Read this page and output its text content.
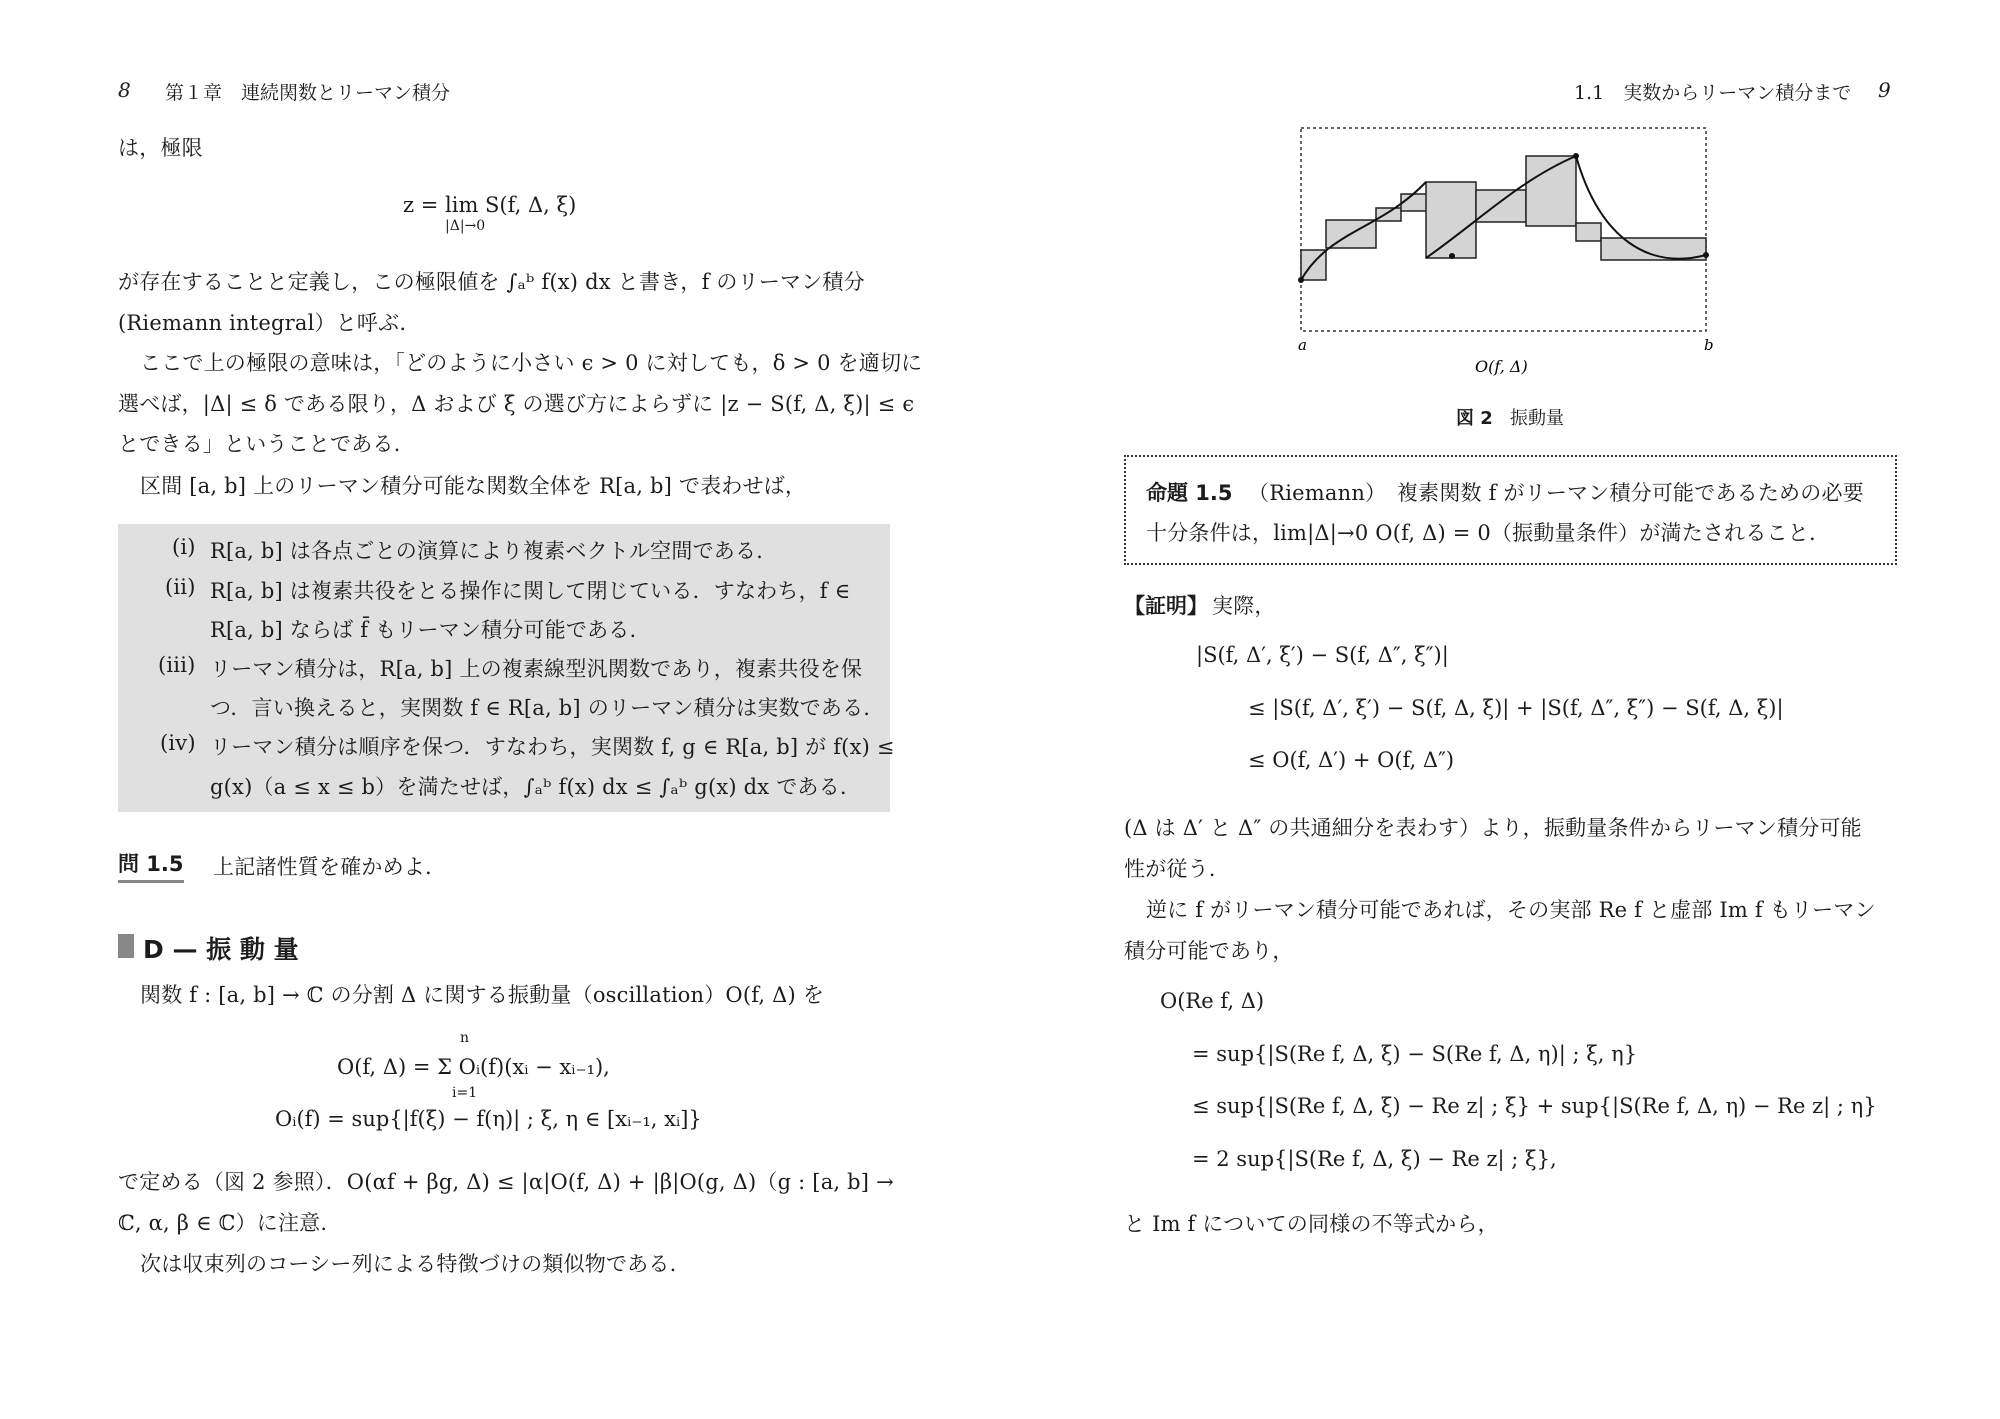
8 第１章　連続関数とリーマン積分
は，極限
z = lim S(f, Δ, ξ)
|Δ|→0
が存在することと定義し，この極限値を ∫ₐᵇ f(x) dx と書き，f のリーマン積分
(Riemann integral）と呼ぶ.
ここで上の極限の意味は，「どのように小さい ϵ > 0 に対しても，δ > 0 を適切に
選べば，|Δ| ≤ δ である限り，Δ および ξ の選び方によらずに |z − S(f, Δ, ξ)| ≤ ϵ
とできる」ということである.
区間 [a, b] 上のリーマン積分可能な関数全体を R[a, b] で表わせば，
(i) R[a, b] は各点ごとの演算により複素ベクトル空間である.
(ii) R[a, b] は複素共役をとる操作に関して閉じている．すなわち，f ∈
R[a, b] ならば f̄ もリーマン積分可能である.
(iii) リーマン積分は，R[a, b] 上の複素線型汎関数であり，複素共役を保
つ．言い換えると，実関数 f ∈ R[a, b] のリーマン積分は実数である.
(iv) リーマン積分は順序を保つ．すなわち，実関数 f, g ∈ R[a, b] が f(x) ≤
g(x)（a ≤ x ≤ b）を満たせば，∫ₐᵇ f(x) dx ≤ ∫ₐᵇ g(x) dx である.
問 1.5 上記諸性質を確かめよ.
D — 振 動 量
関数 f : [a, b] → ℂ の分割 Δ に関する振動量（oscillation）O(f, Δ) を
n
O(f, Δ) = Σ Oᵢ(f)(xᵢ − xᵢ₋₁),
i=1
Oᵢ(f) = sup{|f(ξ) − f(η)| ; ξ, η ∈ [xᵢ₋₁, xᵢ]}
で定める（図 2 参照）．O(αf + βg, Δ) ≤ |α|O(f, Δ) + |β|O(g, Δ)（g : [a, b] →
ℂ, α, β ∈ ℂ）に注意.
次は収束列のコーシー列による特徴づけの類似物である.
1.1　実数からリーマン積分まで 9
a	b
O(f, Δ)
図 2 振動量
命題 1.5 （Riemann）　複素関数 f がリーマン積分可能であるための必要
十分条件は，lim|Δ|→0 O(f, Δ) = 0（振動量条件）が満たされること.
【証明】 実際，
|S(f, Δ′, ξ′) − S(f, Δ″, ξ″)|
≤ |S(f, Δ′, ξ′) − S(f, Δ, ξ)| + |S(f, Δ″, ξ″) − S(f, Δ, ξ)|
≤ O(f, Δ′) + O(f, Δ″)
(Δ は Δ′ と Δ″ の共通細分を表わす）より，振動量条件からリーマン積分可能
性が従う.
逆に f がリーマン積分可能であれば，その実部 Re f と虚部 Im f もリーマン
積分可能であり，
O(Re f, Δ)
= sup{|S(Re f, Δ, ξ) − S(Re f, Δ, η)| ; ξ, η}
≤ sup{|S(Re f, Δ, ξ) − Re z| ; ξ} + sup{|S(Re f, Δ, η) − Re z| ; η}
= 2 sup{|S(Re f, Δ, ξ) − Re z| ; ξ},
と Im f についての同様の不等式から，
